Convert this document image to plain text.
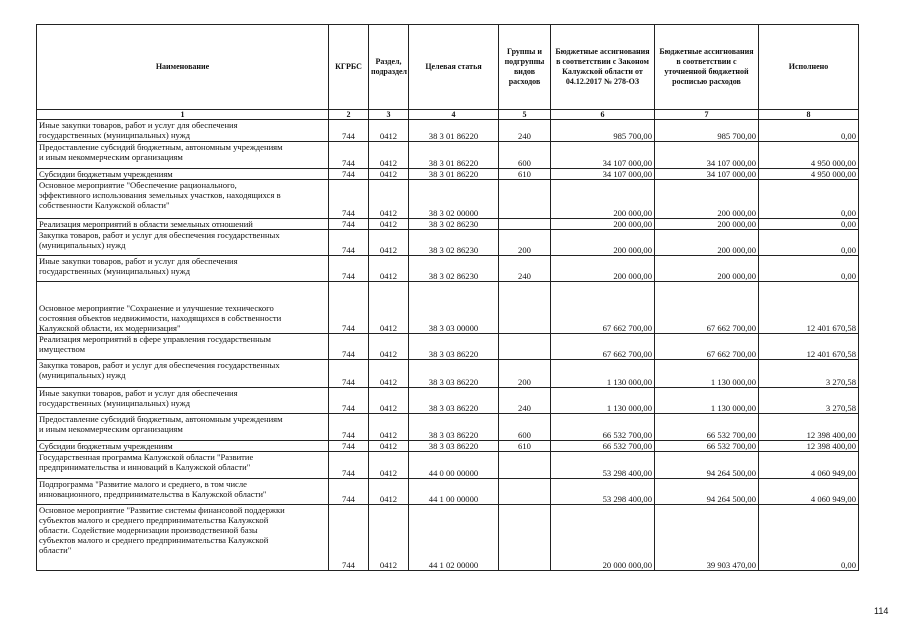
Наименование	КГРБС	Раздел, подраздел	Целевая статья	Группы и подгруппы видов расходов	Бюджетные ассигнования в соответствии с Законом Калужской области от 04.12.2017 № 278-ОЗ	Бюджетные ассигнования в соответствии с уточненной бюджетной росписью расходов	Исполнено
1	2	3	4	5	6	7	8
Иные закупки товаров, работ и услуг для обеспечения
государственных (муниципальных) нужд	744	0412	38 3 01 86220	240	985 700,00	985 700,00	0,00
Предоставление субсидий бюджетным, автономным учреждениям
и иным некоммерческим организациям	744	0412	38 3 01 86220	600	34 107 000,00	34 107 000,00	4 950 000,00
Субсидии бюджетным учреждениям	744	0412	38 3 01 86220	610	34 107 000,00	34 107 000,00	4 950 000,00
Основное мероприятие "Обеспечение рационального,
эффективного использования земельных участков, находящихся в
собственности Калужской области"	744	0412	38 3 02 00000		200 000,00	200 000,00	0,00
Реализация мероприятий в области земельных отношений	744	0412	38 3 02 86230		200 000,00	200 000,00	0,00
Закупка товаров, работ и услуг для обеспечения государственных
(муниципальных) нужд	744	0412	38 3 02 86230	200	200 000,00	200 000,00	0,00
Иные закупки товаров, работ и услуг для обеспечения
государственных (муниципальных) нужд	744	0412	38 3 02 86230	240	200 000,00	200 000,00	0,00
Основное мероприятие "Сохранение и улучшение технического
состояния объектов недвижимости, находящихся в собственности
Калужской области, их модернизация"	744	0412	38 3 03 00000		67 662 700,00	67 662 700,00	12 401 670,58
Реализация мероприятий в сфере управления государственным
имуществом	744	0412	38 3 03 86220		67 662 700,00	67 662 700,00	12 401 670,58
Закупка товаров, работ и услуг для обеспечения государственных
(муниципальных) нужд	744	0412	38 3 03 86220	200	1 130 000,00	1 130 000,00	3 270,58
Иные закупки товаров, работ и услуг для обеспечения
государственных (муниципальных) нужд	744	0412	38 3 03 86220	240	1 130 000,00	1 130 000,00	3 270,58
Предоставление субсидий бюджетным, автономным учреждениям
и иным некоммерческим организациям	744	0412	38 3 03 86220	600	66 532 700,00	66 532 700,00	12 398 400,00
Субсидии бюджетным учреждениям	744	0412	38 3 03 86220	610	66 532 700,00	66 532 700,00	12 398 400,00
Государственная программа Калужской области "Развитие
предпринимательства и инноваций в Калужской области"	744	0412	44 0 00 00000		53 298 400,00	94 264 500,00	4 060 949,00
Подпрограмма "Развитие малого и среднего, в том числе
инновационного, предпринимательства в Калужской области"	744	0412	44 1 00 00000		53 298 400,00	94 264 500,00	4 060 949,00
Основное мероприятие "Развитие системы финансовой поддержки
субъектов малого и среднего предпринимательства Калужской
области. Содействие модернизации производственной базы
субъектов малого и среднего предпринимательства Калужской
области"	744	0412	44 1 02 00000		20 000 000,00	39 903 470,00	0,00
114
